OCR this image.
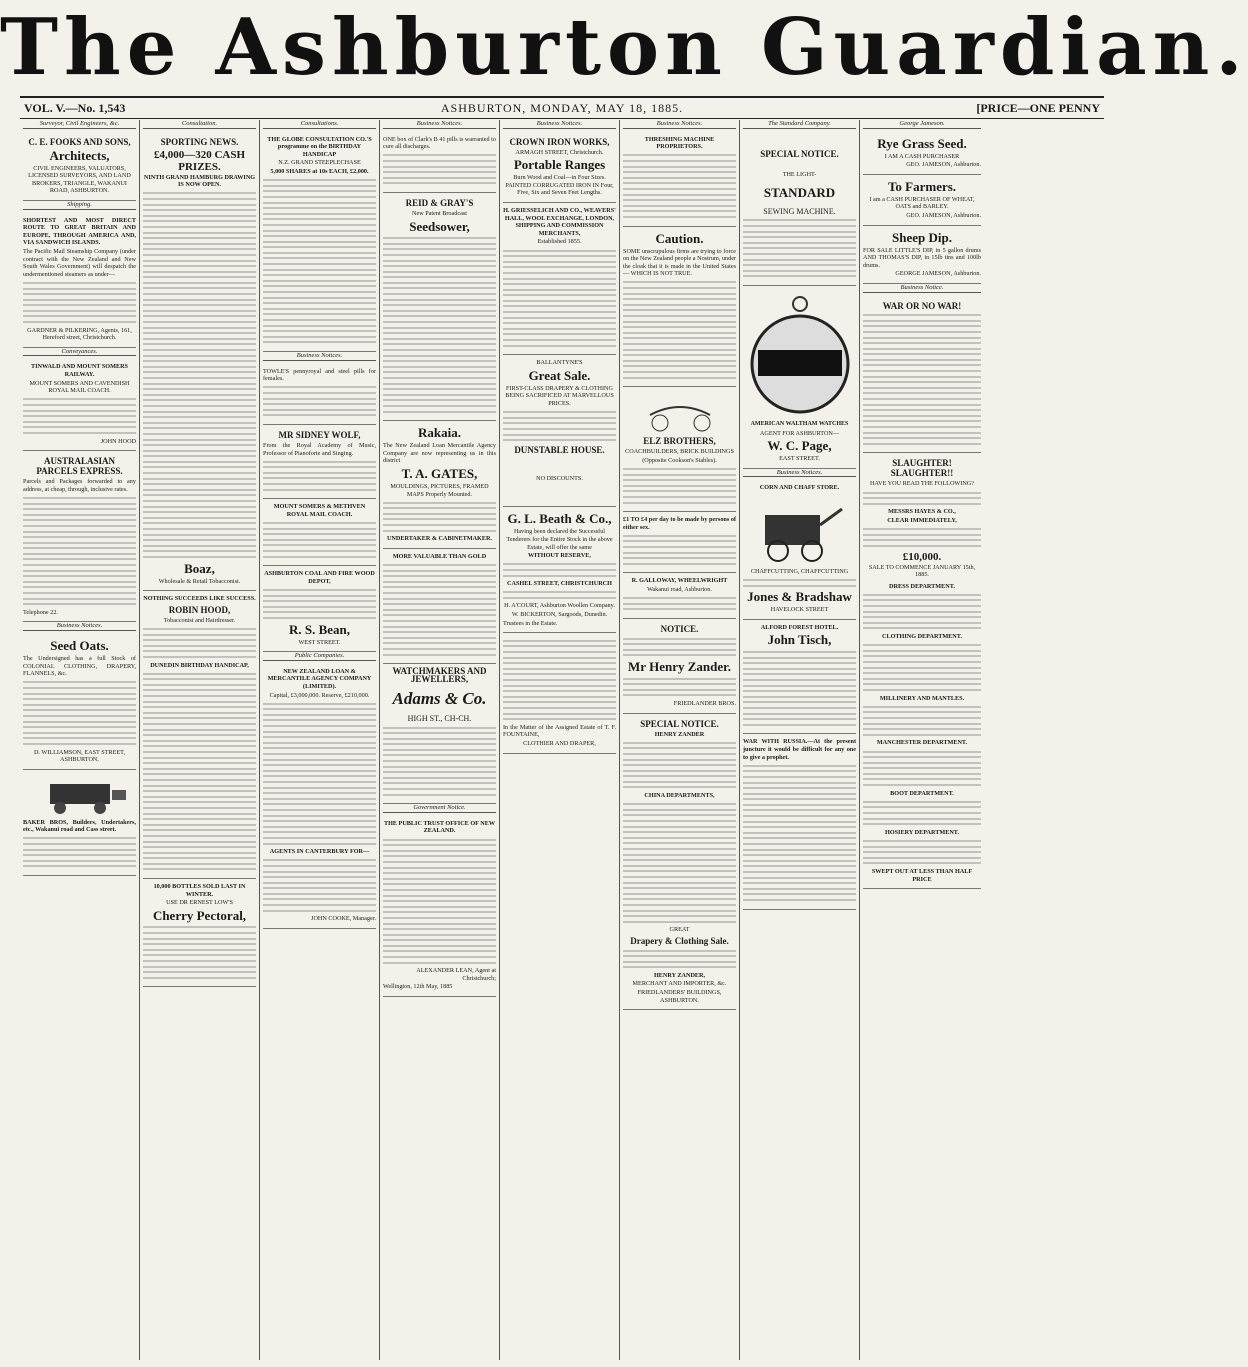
The Ashburton Guardian.
VOL. V.—No. 1,543	ASHBURTON, MONDAY, MAY 18, 1885.	[PRICE—ONE PENNY
Surveyor, Civil Engineers, &c.
C. E. FOOKS AND SONS,
Architects,

CIVIL ENGINEERS, VALUATORS, LICENSED SURVEYORS, AND LAND BROKERS, TRIANGLE, WAKANUI ROAD, ASHBURTON.

Shipping.

SHORTEST AND MOST DIRECT ROUTE TO GREAT BRITAIN AND EUROPE, THROUGH AMERICA AND, VIA SANDWICH ISLANDS.

The Pacific Mail Steamship Company (under contract with the New Zealand and New South Wales Government) will despatch the undermentioned steamers as under—

GARDNER & PILKERING, Agents, 161, Hereford street, Christchurch.

Conveyances.

TINWALD AND MOUNT SOMERS RAILWAY.

MOUNT SOMERS AND CAVENDISH ROYAL MAIL COACH.

JOHN HOOD

AUSTRALASIAN PARCELS EXPRESS.

Parcels and Packages forwarded to any address, at cheap, through, inclusive rates.

Telephone 22.

Business Notices.
Seed Oats.

The Undersigned has a full Stock of COLONIAL CLOTHING, DRAPERY, FLANNELS, &c.

D. WILLIAMSON, EAST STREET, ASHBURTON.

BAKER BROS, Builders, Undertakers, etc., Wakanui road and Cass street.

Consultation.
SPORTING NEWS.

£4,000—320 CASH PRIZES.

NINTH GRAND HAMBURG DRAWING IS NOW OPEN.

Boaz,

Wholesale & Retail Tobacconist.

NOTHING SUCCEEDS LIKE SUCCESS.

ROBIN HOOD,

Tobacconist and Hairdresser.

DUNEDIN BIRTHDAY HANDICAP,

10,000 BOTTLES SOLD LAST IN WINTER.

USE DR ERNEST LOW'S

Cherry Pectoral,
Consultations.

THE GLOBE CONSULTATION CO.'S programme on the BIRTHDAY HANDICAP

N.Z. GRAND STEEPLECHASE

5,000 SHARES at 10s EACH, £2,000.

Business Notices.

TOWLE'S pennyroyal and steel pills for females.

MR SIDNEY WOLF,

From the Royal Academy of Music, Professor of Pianoforte and Singing.

MOUNT SOMERS & METHVEN ROYAL MAIL COACH.

ASHBURTON COAL AND FIRE WOOD DEPOT,

R. S. Bean,

WEST STREET.

Public Companies.

NEW ZEALAND LOAN & MERCANTILE AGENCY COMPANY (LIMITED).

Capital, £3,000,000. Reserve, £210,000.

AGENTS IN CANTERBURY FOR—

JOHN COOKE, Manager.

Business Notices.

ONE box of Clark's B 41 pills is warranted to cure all discharges.

REID & GRAY'S

New Patent Broadcast

Seedsower,
Rakaia.

The New Zealand Loan Mercantile Agency Company are now representing us in this district

T. A. GATES,

MOULDINGS, PICTURES, FRAMED MAPS Properly Mounted.

UNDERTAKER & CABINETMAKER.

MORE VALUABLE THAN GOLD

WATCHMAKERS AND JEWELLERS,

Adams & Co.

HIGH ST., CH-CH.

Government Notice.

THE PUBLIC TRUST OFFICE OF NEW ZEALAND.

ALEXANDER LEAN, Agent at Christchurch;

Wellington, 12th May, 1885

Business Notices.
CROWN IRON WORKS,

ARMAGH STREET, Christchurch.

Portable Ranges

Burn Wood and Coal—in Four Sizes. PAINTED CORRUGATED IRON IN Four, Five, Six and Seven Feet Lengths.

H. GRIESSELICH AND CO., WEAVERS' HALL, WOOL EXCHANGE, LONDON, SHIPPING AND COMMISSION MERCHANTS,

Established 1855.

BALLANTYNE'S

Great Sale.

FIRST-CLASS DRAPERY & CLOTHING BEING SACRIFICED AT MARVELLOUS PRICES.

DUNSTABLE HOUSE.

NO DISCOUNTS.

G. L. Beath & Co.,

Having been declared the Successful Tenderers for the Entire Stock in the above Estate, will offer the same

WITHOUT RESERVE,

CASHEL STREET, CHRISTCHURCH

H. A'COURT, Ashburton Woollen Company.

W. BICKERTON, Sargoods, Dunedin.

Trustees in the Estate.

In the Matter of the Assigned Estate of T. F. FOUNTAINE,

CLOTHIER AND DRAPER,

Business Notices.

THRESHING MACHINE PROPRIETORS.

Caution.

SOME unscrupulous firms are trying to force on the New Zealand people a Nostrum, under the cloak that it is made in the United States— WHICH IS NOT TRUE.

ELZ BROTHERS,

COACHBUILDERS, BRICK BUILDINGS

(Opposite Cookson's Stables).

£1 TO £4 per day to be made by persons of either sex.

R. GALLOWAY, WHEELWRIGHT

Wakanui road, Ashburton.

NOTICE.
Mr Henry Zander.

FRIEDLANDER BROS.

SPECIAL NOTICE.

HENRY ZANDER

CHINA DEPARTMENTS,

GREAT

Drapery & Clothing Sale.

HENRY ZANDER,

MERCHANT AND IMPORTER, &c.

FRIEDLANDERS' BUILDINGS, ASHBURTON.

The Standard Company.
SPECIAL NOTICE.

THE LIGHT-

STANDARD

SEWING MACHINE.

AMERICAN WALTHAM WATCHES

AGENT FOR ASHBURTON—

W. C. Page,

EAST STREET.

Business Notices.

CORN AND CHAFF STORE.

CHAFFCUTTING, CHAFFCUTTING

Jones & Bradshaw

HAVELOCK STREET

ALFORD FOREST HOTEL.

John Tisch,

WAR WITH RUSSIA.—At the present juncture it would be difficult for any one to give a prophet.

George Jameson.
Rye Grass Seed.

I AM A CASH PURCHASER

GEO. JAMESON, Ashburton.

To Farmers.

I am a CASH PURCHASER OF WHEAT, OATS and BARLEY.

GEO. JAMESON, Ashburton.

Sheep Dip.

FOR SALE LITTLE'S DIP, in 5 gallon drums AND THOMAS'S DIP, in 15lb tins and 100lb drums.

GEORGE JAMESON, Ashburton.

Business Notice.
WAR OR NO WAR!
SLAUGHTER! SLAUGHTER!!

HAVE YOU READ THE FOLLOWING?

MESSRS HAYES & CO.,

CLEAR IMMEDIATELY,

£10,000.

SALE TO COMMENCE JANUARY 15th, 1885.

DRESS DEPARTMENT.

CLOTHING DEPARTMENT.

MILLINERY AND MANTLES.

MANCHESTER DEPARTMENT.

BOOT DEPARTMENT.

HOSIERY DEPARTMENT.

SWEPT OUT AT LESS THAN HALF PRICE
